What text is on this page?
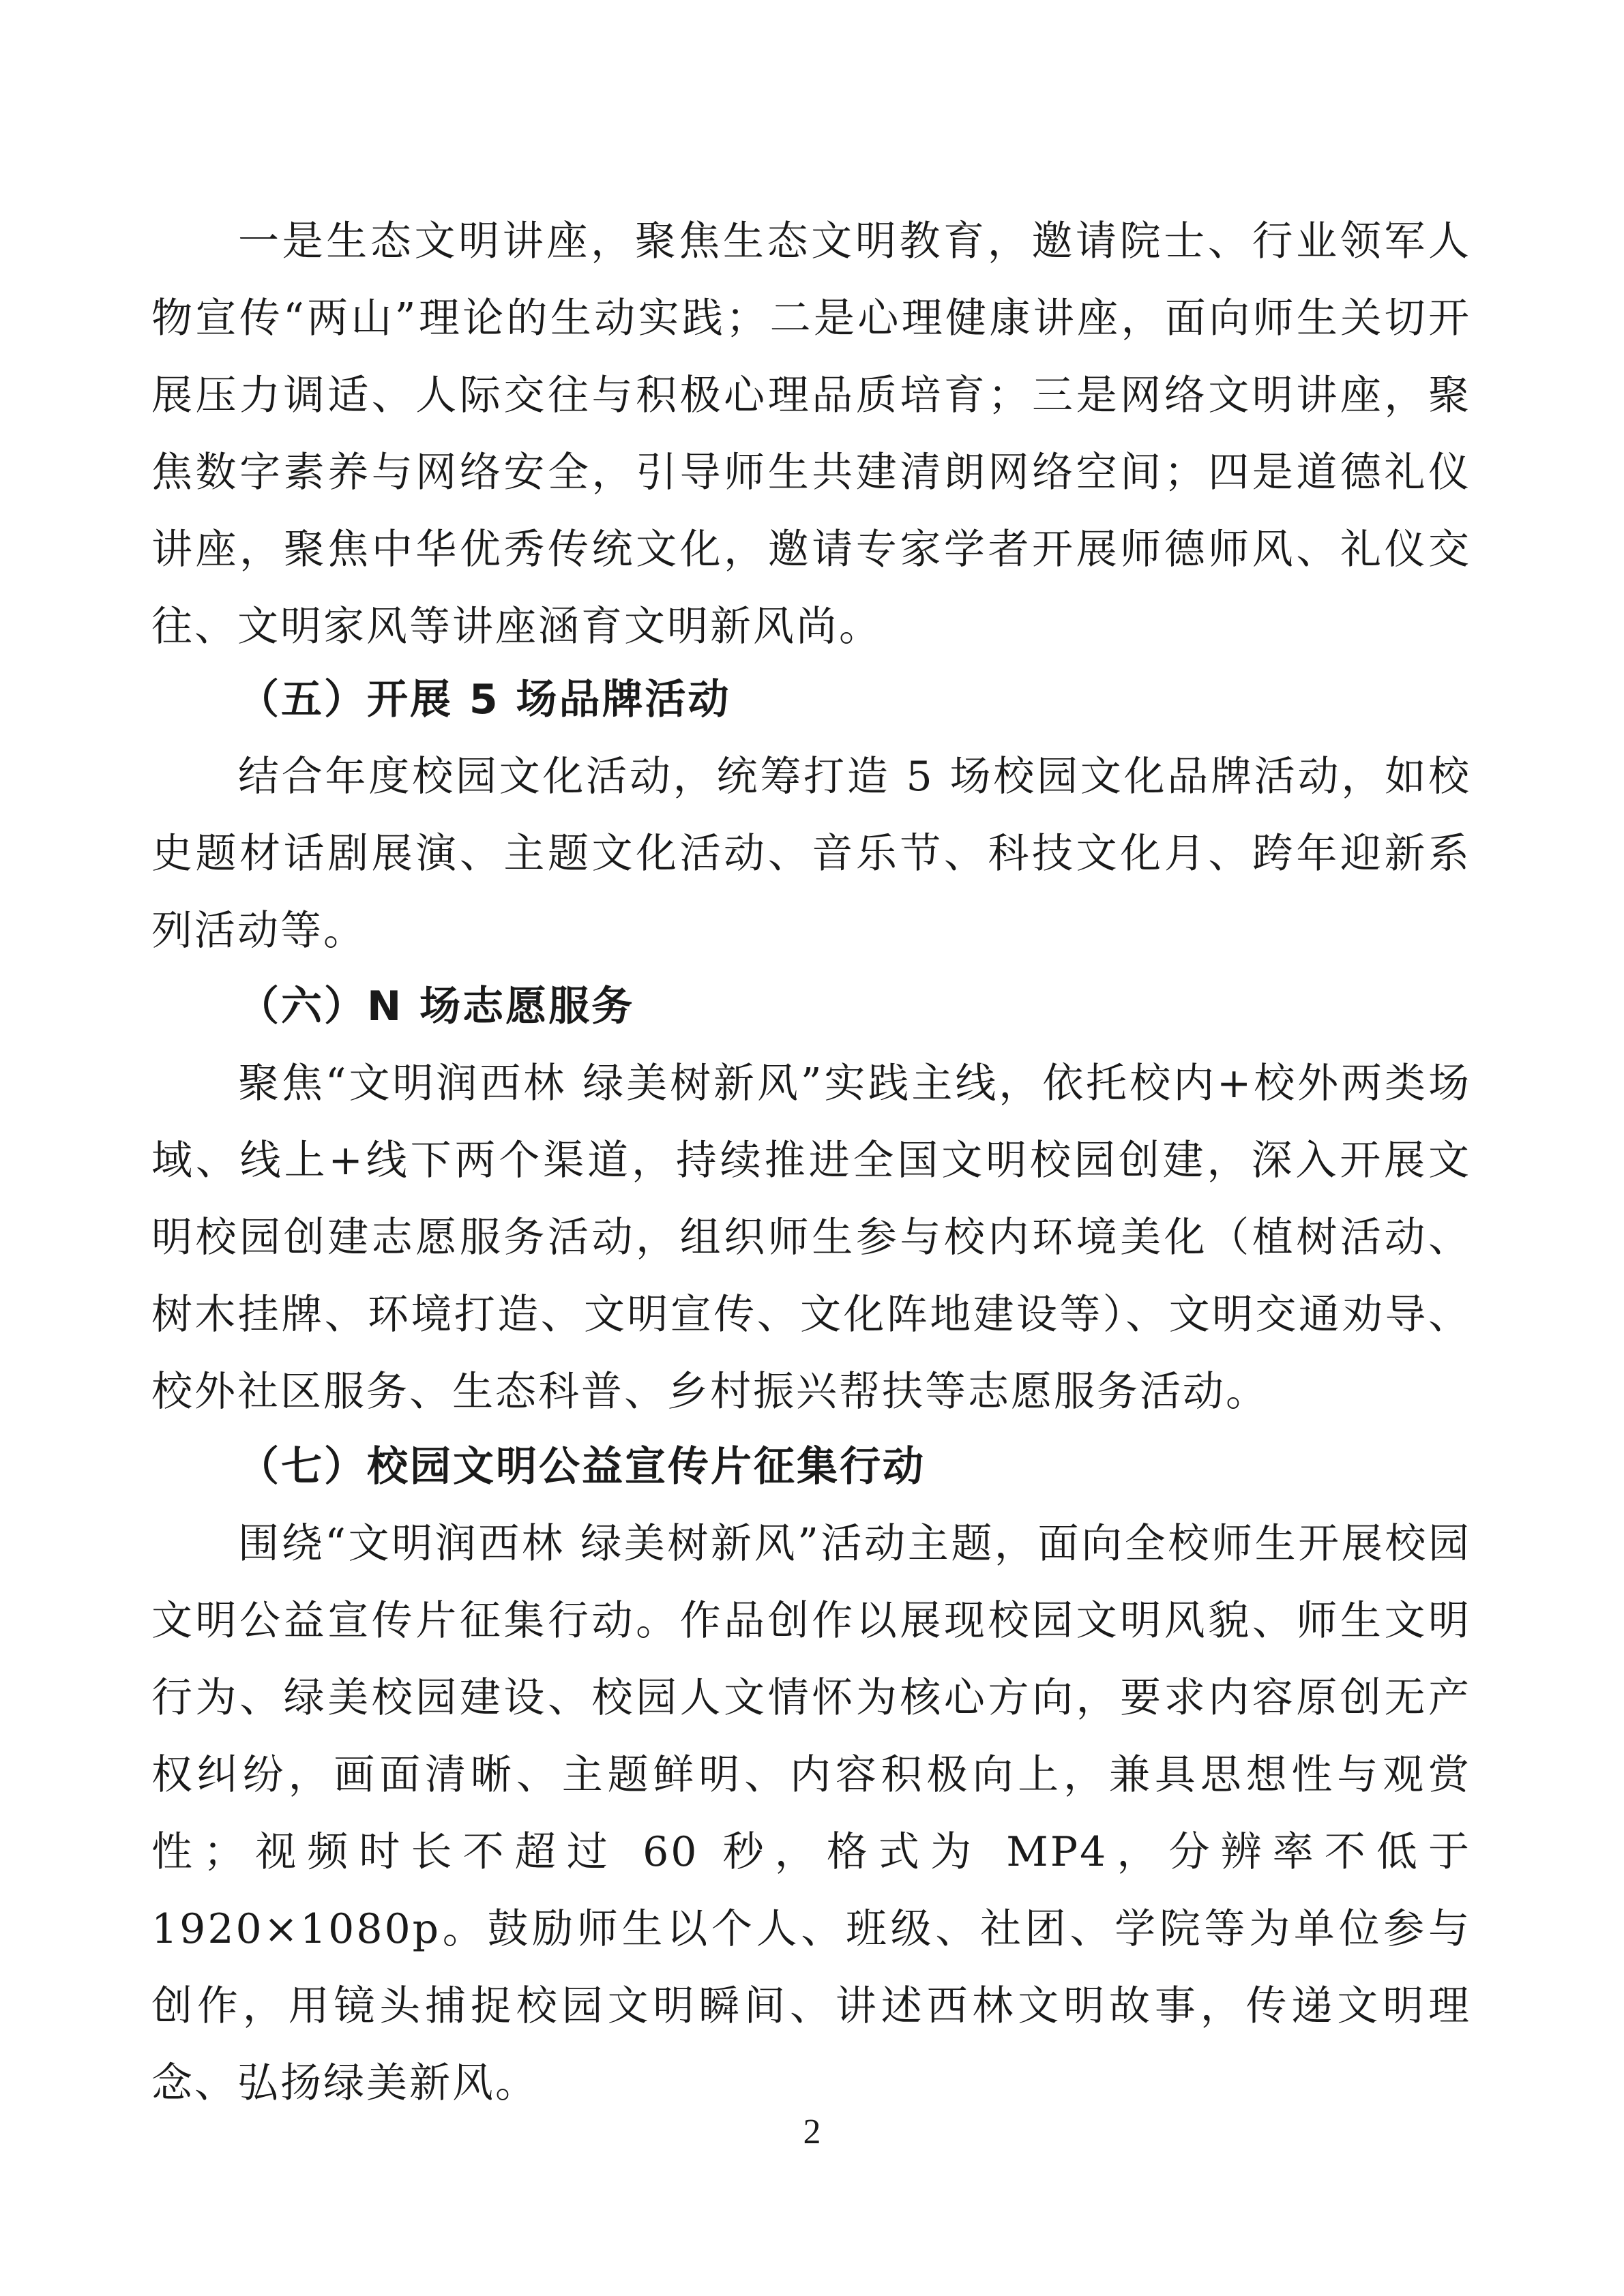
一是生态文明讲座，聚焦生态文明教育，邀请院士、行业领军人物宣传“两山”理论的生动实践；二是心理健康讲座，面向师生关切开展压力调适、人际交往与积极心理品质培育；三是网络文明讲座，聚焦数字素养与网络安全，引导师生共建清朗网络空间；四是道德礼仪讲座，聚焦中华优秀传统文化，邀请专家学者开展师德师风、礼仪交往、文明家风等讲座涵育文明新风尚。

（五）开展 5 场品牌活动

结合年度校园文化活动，统筹打造 5 场校园文化品牌活动，如校史题材话剧展演、主题文化活动、音乐节、科技文化月、跨年迎新系列活动等。

（六）N 场志愿服务

聚焦“文明润西林 绿美树新风”实践主线，依托校内+校外两类场域、线上+线下两个渠道，持续推进全国文明校园创建，深入开展文明校园创建志愿服务活动，组织师生参与校内环境美化（植树活动、树木挂牌、环境打造、文明宣传、文化阵地建设等）、文明交通劝导、校外社区服务、生态科普、乡村振兴帮扶等志愿服务活动。

（七）校园文明公益宣传片征集行动

围绕“文明润西林 绿美树新风”活动主题，面向全校师生开展校园文明公益宣传片征集行动。作品创作以展现校园文明风貌、师生文明行为、绿美校园建设、校园人文情怀为核心方向，要求内容原创无产权纠纷，画面清晰、主题鲜明、内容积极向上，兼具思想性与观赏性；视频时长不超过 60 秒，格式为 MP4，分辨率不低于 1920×1080p。鼓励师生以个人、班级、社团、学院等为单位参与创作，用镜头捕捉校园文明瞬间、讲述西林文明故事，传递文明理念、弘扬绿美新风。

2
